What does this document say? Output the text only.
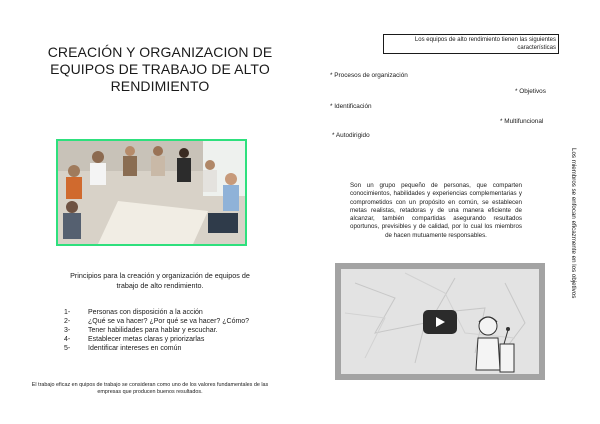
CREACIÓN Y ORGANIZACION DE
EQUIPOS DE TRABAJO DE ALTO
RENDIMIENTO
Principios para la creación y organización de equipos de trabajo de alto rendimiento.
1-	Personas con disposición a la acción
2-	¿Qué se va hacer? ¿Por qué se va hacer? ¿Cómo?
3-	Tener habilidades para hablar y escuchar.
4-	Establecer metas claras y priorizarlas
5-	Identificar intereses en común
El trabajo eficaz en quipos de trabajo se consideran como uno de los valores fundamentales de las empresas que producen buenos resultados.
Los equipos de alto rendimiento tienen las siguientes características
* Procesos de organización
* Objetivos
* Identificación
* Multifuncional
* Autodirigido
Los miembros se enfocan eficazmente en los objetivos
Son un grupo pequeño de personas, que comparten conocimientos, habilidades y experiencias complementarias y comprometidos con un propósito en común, se establecen metas realistas, retadoras y de una manera eficiente de alcanzar, también compartidas asegurando resultados oportunos, previsibles y de calidad, por lo cual los miembros de hacen mutuamente responsables.
